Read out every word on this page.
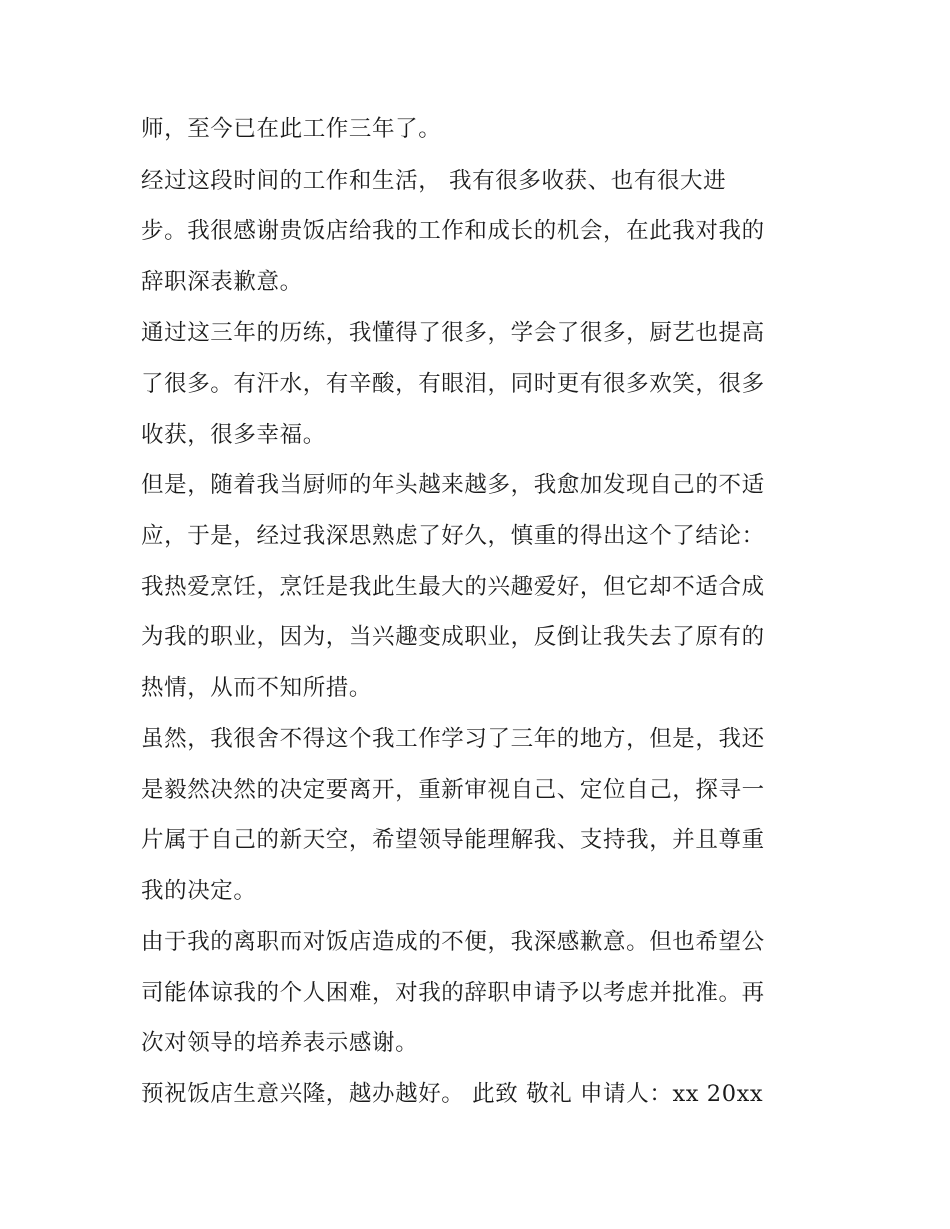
师，至今已在此工作三年了。

经过这段时间的工作和生活， 我有很多收获、也有很大进

步。我很感谢贵饭店给我的工作和成长的机会，在此我对我的

辞职深表歉意。

通过这三年的历练，我懂得了很多，学会了很多，厨艺也提高

了很多。有汗水，有辛酸，有眼泪，同时更有很多欢笑，很多

收获，很多幸福。

但是，随着我当厨师的年头越来越多，我愈加发现自己的不适

应，于是，经过我深思熟虑了好久，慎重的得出这个了结论：

我热爱烹饪，烹饪是我此生最大的兴趣爱好，但它却不适合成

为我的职业，因为，当兴趣变成职业，反倒让我失去了原有的

热情，从而不知所措。

虽然，我很舍不得这个我工作学习了三年的地方，但是，我还

是毅然决然的决定要离开，重新审视自己、定位自己，探寻一

片属于自己的新天空，希望领导能理解我、支持我，并且尊重

我的决定。

由于我的离职而对饭店造成的不便，我深感歉意。但也希望公

司能体谅我的个人困难，对我的辞职申请予以考虑并批准。再

次对领导的培养表示感谢。

预祝饭店生意兴隆，越办越好。 此致 敬礼 申请人：xx 20xx
